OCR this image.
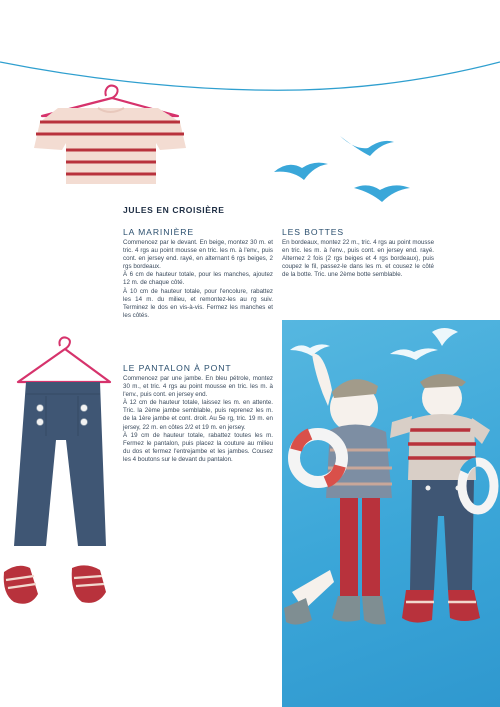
JULES EN CROISIÈRE
LA MARINIÈRE

Commencez par le devant. En beige, montez 30 m. et tric. 4 rgs au point mousse en tric. les m. à l'env., puis cont. en jersey end. rayé, en alternant 6 rgs beiges, 2 rgs bordeaux.

À 6 cm de hauteur totale, pour les manches, ajoutez 12 m. de chaque côté.

À 10 cm de hauteur totale, pour l'encolure, rabattez les 14 m. du milieu, et remontez-les au rg suiv. Terminez le dos en vis-à-vis. Fermez les manches et les côtés.

LES BOTTES

En bordeaux, montez 22 m., tric. 4 rgs au point mousse en tric. les m. à l'env., puis cont. en jersey end. rayé. Alternez 2 fois (2 rgs beiges et 4 rgs bordeaux), puis coupez le fil, passez-le dans les m. et cousez le côté de la botte. Tric. une 2ème botte semblable.

LE PANTALON À PONT

Commencez par une jambe. En bleu pétrole, montez 30 m., et tric. 4 rgs au point mousse en tric. les m. à l'env., puis cont. en jersey end.

À 12 cm de hauteur totale, laissez les m. en attente. Tric. la 2ème jambe semblable, puis reprenez les m. de la 1ère jambe et cont. droit. Au 5e rg, tric. 19 m. en jersey, 22 m. en côtes 2/2 et 19 m. en jersey.

À 19 cm de hauteur totale, rabattez toutes les m. Fermez le pantalon, puis placez la couture au milieu du dos et fermez l'entrejambe et les jambes. Cousez les 4 boutons sur le devant du pantalon.
